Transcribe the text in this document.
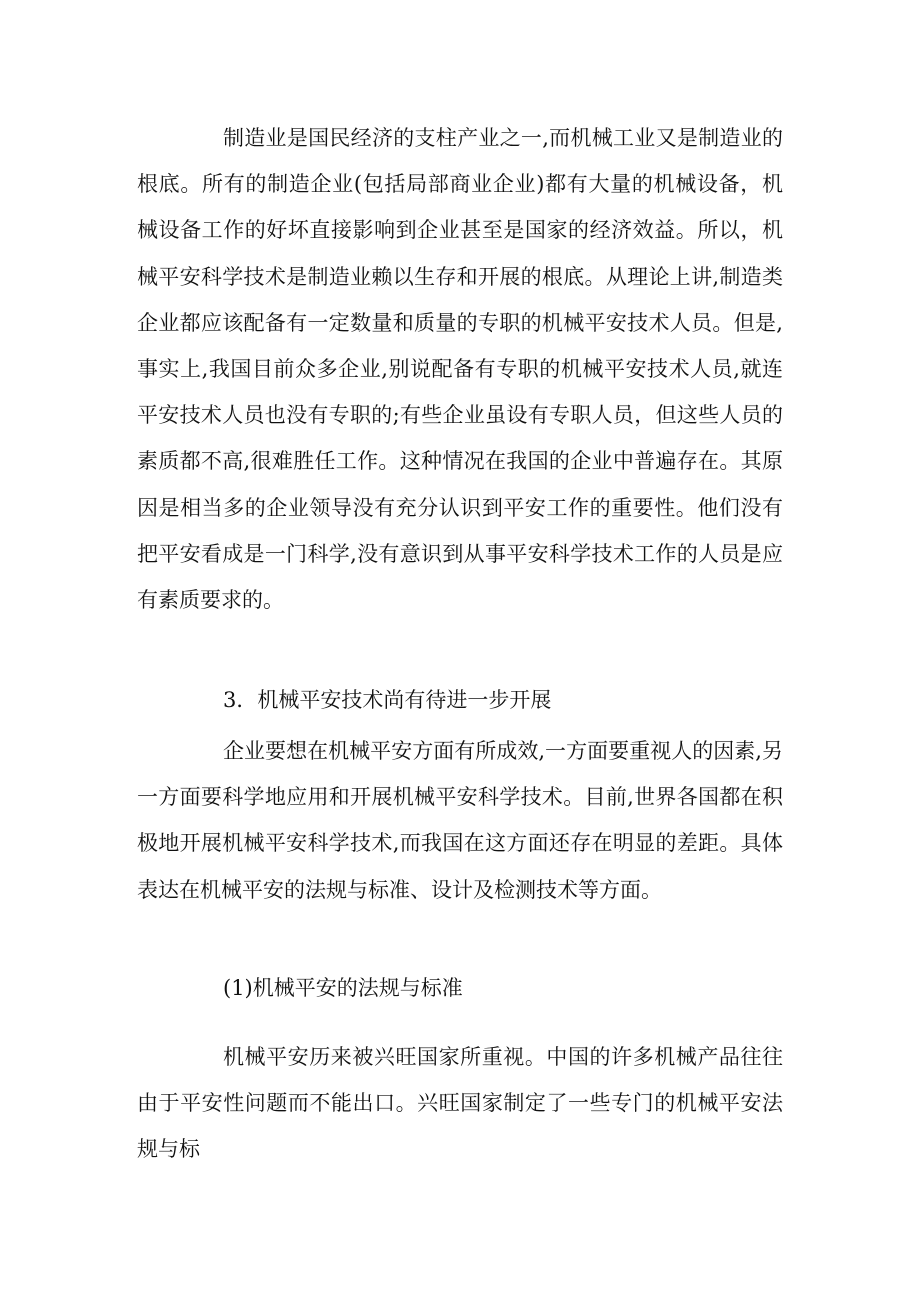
制造业是国民经济的支柱产业之一,而机械工业又是制造业的根底。所有的制造企业(包括局部商业企业)都有大量的机械设备，机械设备工作的好坏直接影响到企业甚至是国家的经济效益。所以，机械平安科学技术是制造业赖以生存和开展的根底。从理论上讲,制造类企业都应该配备有一定数量和质量的专职的机械平安技术人员。但是,事实上,我国目前众多企业,别说配备有专职的机械平安技术人员,就连平安技术人员也没有专职的;有些企业虽设有专职人员，但这些人员的素质都不高,很难胜任工作。这种情况在我国的企业中普遍存在。其原因是相当多的企业领导没有充分认识到平安工作的重要性。他们没有把平安看成是一门科学,没有意识到从事平安科学技术工作的人员是应有素质要求的。

3．机械平安技术尚有待进一步开展

企业要想在机械平安方面有所成效,一方面要重视人的因素,另一方面要科学地应用和开展机械平安科学技术。目前,世界各国都在积极地开展机械平安科学技术,而我国在这方面还存在明显的差距。具体表达在机械平安的法规与标准、设计及检测技术等方面。

(1)机械平安的法规与标准

机械平安历来被兴旺国家所重视。中国的许多机械产品往往由于平安性问题而不能出口。兴旺国家制定了一些专门的机械平安法规与标
